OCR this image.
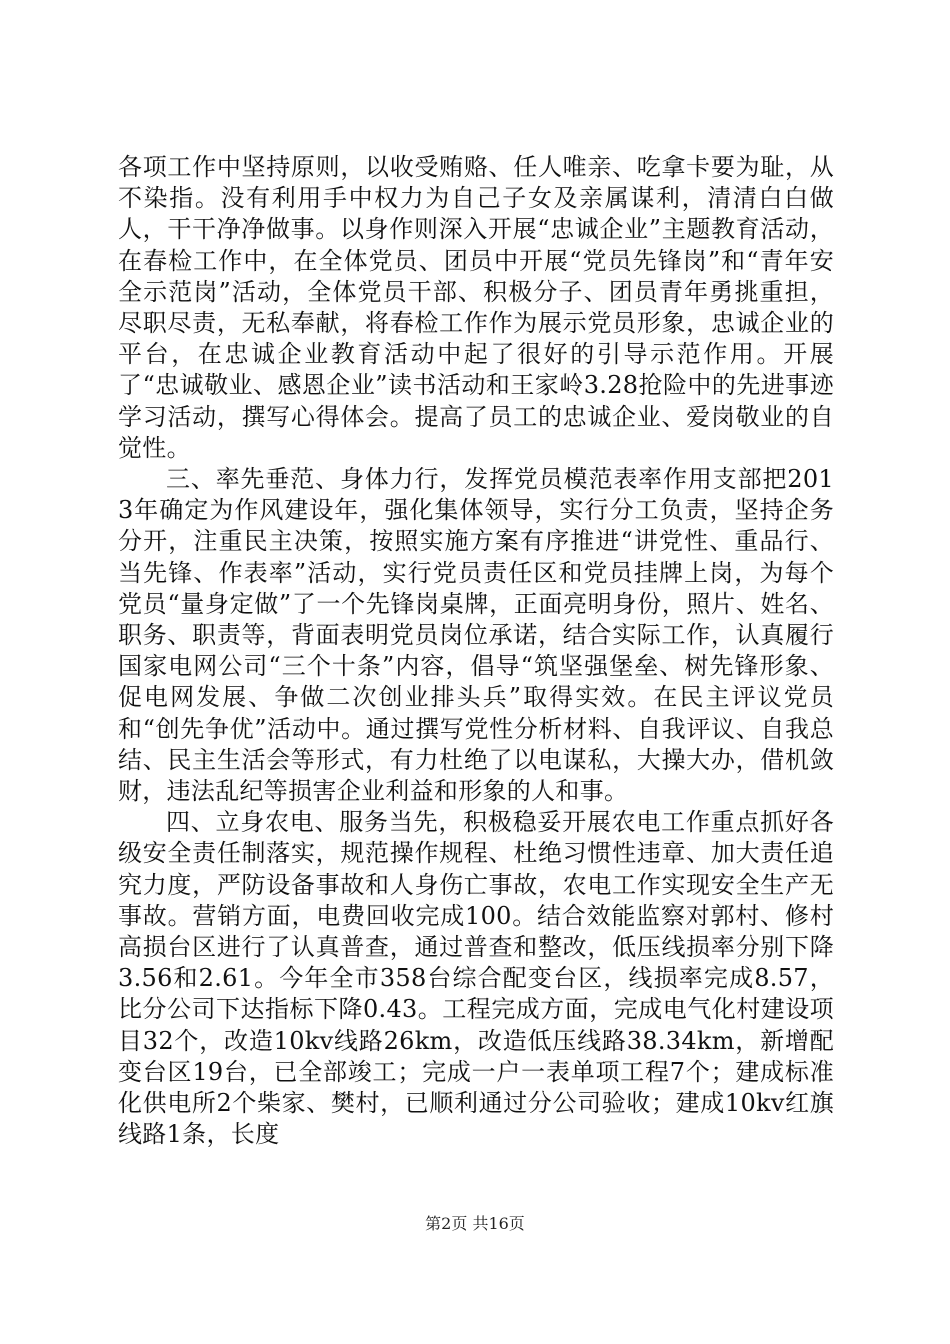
各项工作中坚持原则，以收受贿赂、任人唯亲、吃拿卡要为耻，从不染指。没有利用手中权力为自己子女及亲属谋利，清清白白做人，干干净净做事。以身作则深入开展“忠诚企业”主题教育活动，在春检工作中，在全体党员、团员中开展“党员先锋岗”和“青年安全示范岗”活动，全体党员干部、积极分子、团员青年勇挑重担，尽职尽责，无私奉献，将春检工作作为展示党员形象，忠诚企业的平台，在忠诚企业教育活动中起了很好的引导示范作用。开展了“忠诚敬业、感恩企业”读书活动和王家岭3.28抢险中的先进事迹学习活动，撰写心得体会。提高了员工的忠诚企业、爱岗敬业的自觉性。

三、率先垂范、身体力行，发挥党员模范表率作用支部把2013年确定为作风建设年，强化集体领导，实行分工负责，坚持企务分开，注重民主决策，按照实施方案有序推进“讲党性、重品行、当先锋、作表率”活动，实行党员责任区和党员挂牌上岗，为每个党员“量身定做”了一个先锋岗桌牌，正面亮明身份，照片、姓名、职务、职责等，背面表明党员岗位承诺，结合实际工作，认真履行国家电网公司“三个十条”内容，倡导“筑坚强堡垒、树先锋形象、促电网发展、争做二次创业排头兵”取得实效。在民主评议党员和“创先争优”活动中。通过撰写党性分析材料、自我评议、自我总结、民主生活会等形式，有力杜绝了以电谋私，大操大办，借机敛财，违法乱纪等损害企业利益和形象的人和事。

四、立身农电、服务当先，积极稳妥开展农电工作重点抓好各级安全责任制落实，规范操作规程、杜绝习惯性违章、加大责任追究力度，严防设备事故和人身伤亡事故，农电工作实现安全生产无事故。营销方面，电费回收完成100。结合效能监察对郭村、修村高损台区进行了认真普查，通过普查和整改，低压线损率分别下降3.56和2.61。今年全市358台综合配变台区，线损率完成8.57，比分公司下达指标下降0.43。工程完成方面，完成电气化村建设项目32个，改造10kv线路26km，改造低压线路38.34km，新增配变台区19台，已全部竣工；完成一户一表单项工程7个；建成标准化供电所2个柴家、樊村，已顺利通过分公司验收；建成10kv红旗线路1条，长度

第2页 共16页
